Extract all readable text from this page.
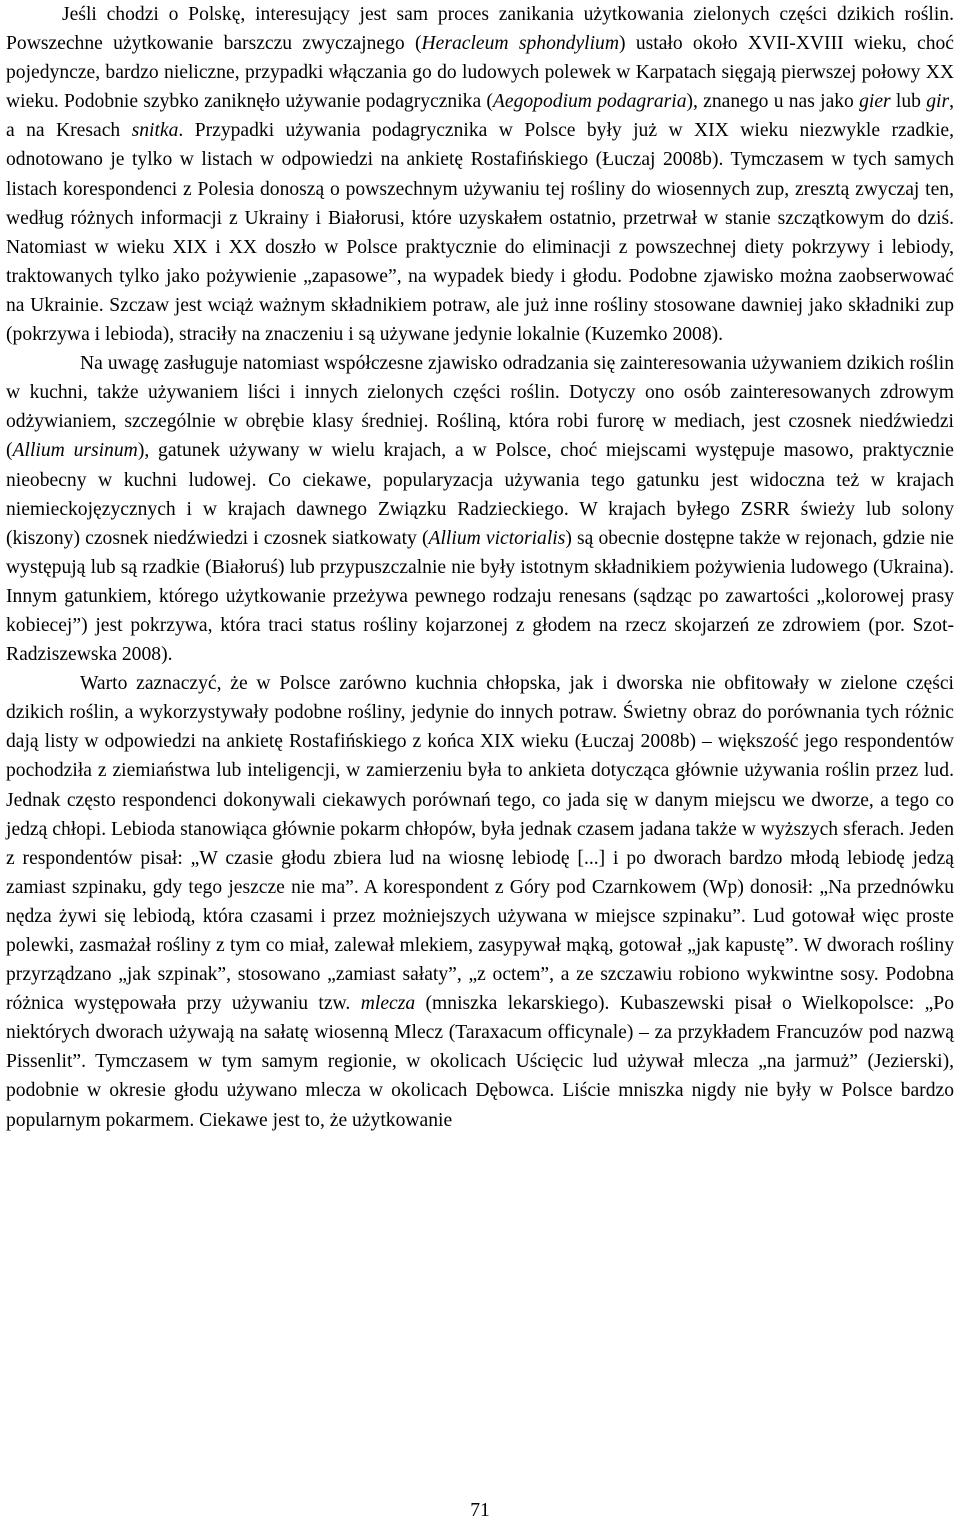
Jeśli chodzi o Polskę, interesujący jest sam proces zanikania użytkowania zielonych części dzikich roślin. Powszechne użytkowanie barszczu zwyczajnego (Heracleum sphondylium) ustało około XVII-XVIII wieku, choć pojedyncze, bardzo nieliczne, przypadki włączania go do ludowych polewek w Karpatach sięgają pierwszej połowy XX wieku. Podobnie szybko zaniknęło używanie podagrycznika (Aegopodium podagraria), znanego u nas jako gier lub gir, a na Kresach snitka. Przypadki używania podagrycznika w Polsce były już w XIX wieku niezwykle rzadkie, odnotowano je tylko w listach w odpowiedzi na ankietę Rostafińskiego (Łuczaj 2008b). Tymczasem w tych samych listach korespondenci z Polesia donoszą o powszechnym używaniu tej rośliny do wiosennych zup, zresztą zwyczaj ten, według różnych informacji z Ukrainy i Białorusi, które uzyskałem ostatnio, przetrwał w stanie szczątkowym do dziś. Natomiast w wieku XIX i XX doszło w Polsce praktycznie do eliminacji z powszechnej diety pokrzywy i lebiody, traktowanych tylko jako pożywienie „zapasowe”, na wypadek biedy i głodu. Podobne zjawisko można zaobserwować na Ukrainie. Szczaw jest wciąż ważnym składnikiem potraw, ale już inne rośliny stosowane dawniej jako składniki zup (pokrzywa i lebioda), straciły na znaczeniu i są używane jedynie lokalnie (Kuzemko 2008).

Na uwagę zasługuje natomiast współczesne zjawisko odradzania się zainteresowania używaniem dzikich roślin w kuchni, także używaniem liści i innych zielonych części roślin. Dotyczy ono osób zainteresowanych zdrowym odżywianiem, szczególnie w obrębie klasy średniej. Rośliną, która robi furorę w mediach, jest czosnek niedźwiedzi (Allium ursinum), gatunek używany w wielu krajach, a w Polsce, choć miejscami występuje masowo, praktycznie nieobecny w kuchni ludowej. Co ciekawe, popularyzacja używania tego gatunku jest widoczna też w krajach niemieckojęzycznych i w krajach dawnego Związku Radzieckiego. W krajach byłego ZSRR świeży lub solony (kiszony) czosnek niedźwiedzi i czosnek siatkowaty (Allium victorialis) są obecnie dostępne także w rejonach, gdzie nie występują lub są rzadkie (Białoruś) lub przypuszczalnie nie były istotnym składnikiem pożywienia ludowego (Ukraina). Innym gatunkiem, którego użytkowanie przeżywa pewnego rodzaju renesans (sądząc po zawartości „kolorowej prasy kobiecej”) jest pokrzywa, która traci status rośliny kojarzonej z głodem na rzecz skojarzeń ze zdrowiem (por. Szot-Radziszewska 2008).

Warto zaznaczyć, że w Polsce zarówno kuchnia chłopska, jak i dworska nie obfitowały w zielone części dzikich roślin, a wykorzystywały podobne rośliny, jedynie do innych potraw. Świetny obraz do porównania tych różnic dają listy w odpowiedzi na ankietę Rostafińskiego z końca XIX wieku (Łuczaj 2008b) – większość jego respondentów pochodziła z ziemiaństwa lub inteligencji, w zamierzeniu była to ankieta dotycząca głównie używania roślin przez lud. Jednak często respondenci dokonywali ciekawych porównań tego, co jada się w danym miejscu we dworze, a tego co jedzą chłopi. Lebioda stanowiąca głównie pokarm chłopów, była jednak czasem jadana także w wyższych sferach. Jeden z respondentów pisał: „W czasie głodu zbiera lud na wiosnę lebiodę [...] i po dworach bardzo młodą lebiodę jedzą zamiast szpinaku, gdy tego jeszcze nie ma”. A korespondent z Góry pod Czarnkowem (Wp) donosił: „Na przednówku nędza żywi się lebiodą, która czasami i przez możniejszych używana w miejsce szpinaku”. Lud gotował więc proste polewki, zasmażał rośliny z tym co miał, zalewał mlekiem, zasypywał mąką, gotował „jak kapustę”. W dworach rośliny przyrządzano „jak szpinak”, stosowano „zamiast sałaty”, „z octem”, a ze szczawiu robiono wykwintne sosy. Podobna różnica występowała przy używaniu tzw. mlecza (mniszka lekarskiego). Kubaszewski pisał o Wielkopolsce: „Po niektórych dworach używają na sałatę wiosenną Mlecz (Taraxacum officynale) – za przykładem Francuzów pod nazwą Pissenlit”. Tymczasem w tym samym regionie, w okolicach Uścięcic lud używał mlecza „na jarmuż” (Jezierski), podobnie w okresie głodu używano mlecza w okolicach Dębowca. Liście mniszka nigdy nie były w Polsce bardzo popularnym pokarmem. Ciekawe jest to, że użytkowanie

71
